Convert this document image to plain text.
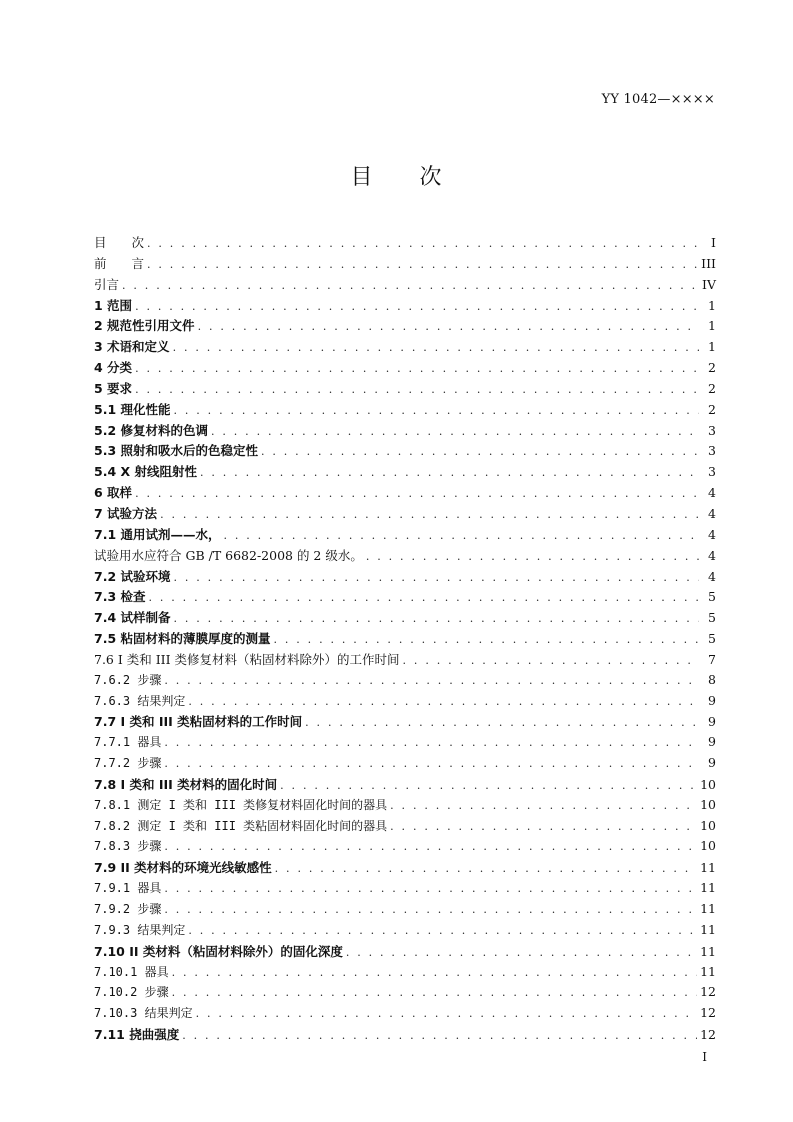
YY 1042—××××
目　　次
目　　次 . . .	I
前　　言 . . .	III
引言 . . .	IV
1 范围 . . .	1
2 规范性引用文件 . . .	1
3 术语和定义 . . .	1
4 分类 . . .	2
5 要求 . . .	2
5.1 理化性能 . . .	2
5.2 修复材料的色调 . . .	3
5.3 照射和吸水后的色稳定性 . . .	3
5.4 X 射线阻射性 . . .	3
6 取样 . . .	4
7 试验方法 . . .	4
7.1 通用试剂——水， . . .	4
试验用水应符合 GB /T 6682-2008 的 2 级水。 . . .	4
7.2 试验环境 . . .	4
7.3 检查 . . .	5
7.4 试样制备 . . .	5
7.5 粘固材料的薄膜厚度的测量 . . .	5
7.6 I 类和 III 类修复材料（粘固材料除外）的工作时间 . . .	7
7.6.2 步骤 . . .	8
7.6.3 结果判定 . . .	9
7.7 I 类和 III 类粘固材料的工作时间 . . .	9
7.7.1 器具 . . .	9
7.7.2 步骤 . . .	9
7.8 I 类和 III 类材料的固化时间 . . .	10
7.8.1 测定 I 类和 III 类修复材料固化时间的器具 . . .	10
7.8.2 测定 I 类和 III 类粘固材料固化时间的器具 . . .	10
7.8.3 步骤 . . .	10
7.9 II 类材料的环境光线敏感性 . . .	11
7.9.1 器具 . . .	11
7.9.2 步骤 . . .	11
7.9.3 结果判定 . . .	11
7.10 II 类材料（粘固材料除外）的固化深度 . . .	11
7.10.1 器具 . . .	11
7.10.2 步骤 . . .	12
7.10.3 结果判定 . . .	12
7.11 挠曲强度 . . .	12
I
